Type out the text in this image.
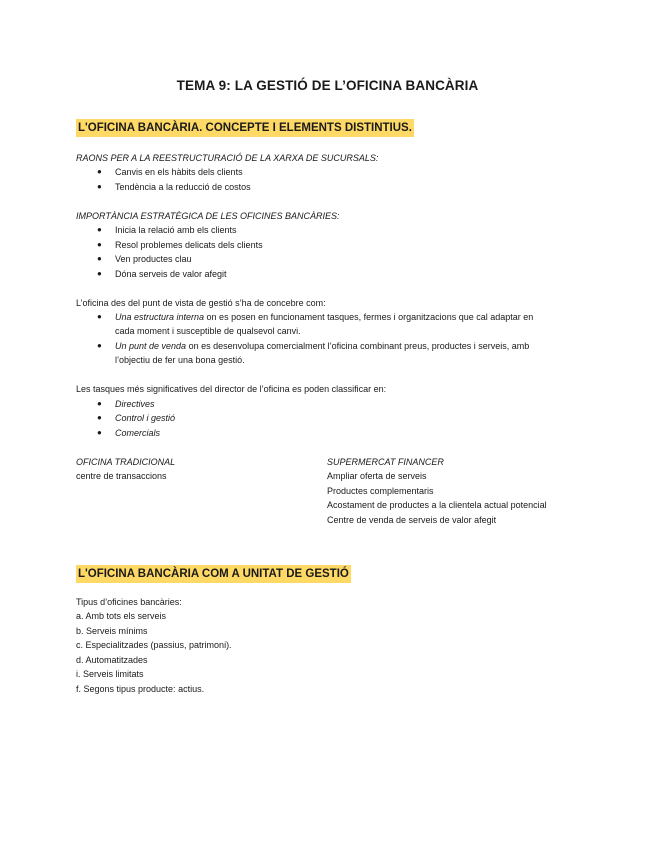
TEMA 9: LA GESTIÓ DE L’OFICINA BANCÀRIA
L'OFICINA BANCÀRIA. CONCEPTE I ELEMENTS DISTINTIUS.
RAONS PER A LA REESTRUCTURACIÓ DE LA XARXA DE SUCURSALS:
● Canvis en els hàbits dels clients
● Tendència a la reducció de costos
IMPORTÀNCIA ESTRATÈGICA DE LES OFICINES BANCÀRIES:
● Inicia la relació amb els clients
● Resol problemes delicats dels clients
● Ven productes clau
● Dóna serveis de valor afegit
L’oficina des del punt de vista de gestió s’ha de concebre com:
● Una estructura interna on es posen en funcionament tasques, fermes i organitzacions que cal adaptar en
cada moment i susceptible de qualsevol canvi.
● Un punt de venda on es desenvolupa comercialment l’oficina combinant preus, productes i serveis, amb
l’objectiu de fer una bona gestió.
Les tasques més significatives del director de l’oficina es poden classificar en:
● Directives
● Control i gestió
● Comercials
OFICINA TRADICIONAL
centre de transaccions
SUPERMERCAT FINANCER
Ampliar oferta de serveis
Productes complementaris
Acostament de productes a la clientela actual potencial
Centre de venda de serveis de valor afegit
L'OFICINA BANCÀRIA COM A UNITAT DE GESTIÓ
Tipus d’oficines bancàries:
a. Amb tots els serveis
b. Serveis mínims
c. Especialitzades (passius, patrimoni).
d. Automatitzades
i. Serveis limitats
f. Segons tipus producte: actius.
